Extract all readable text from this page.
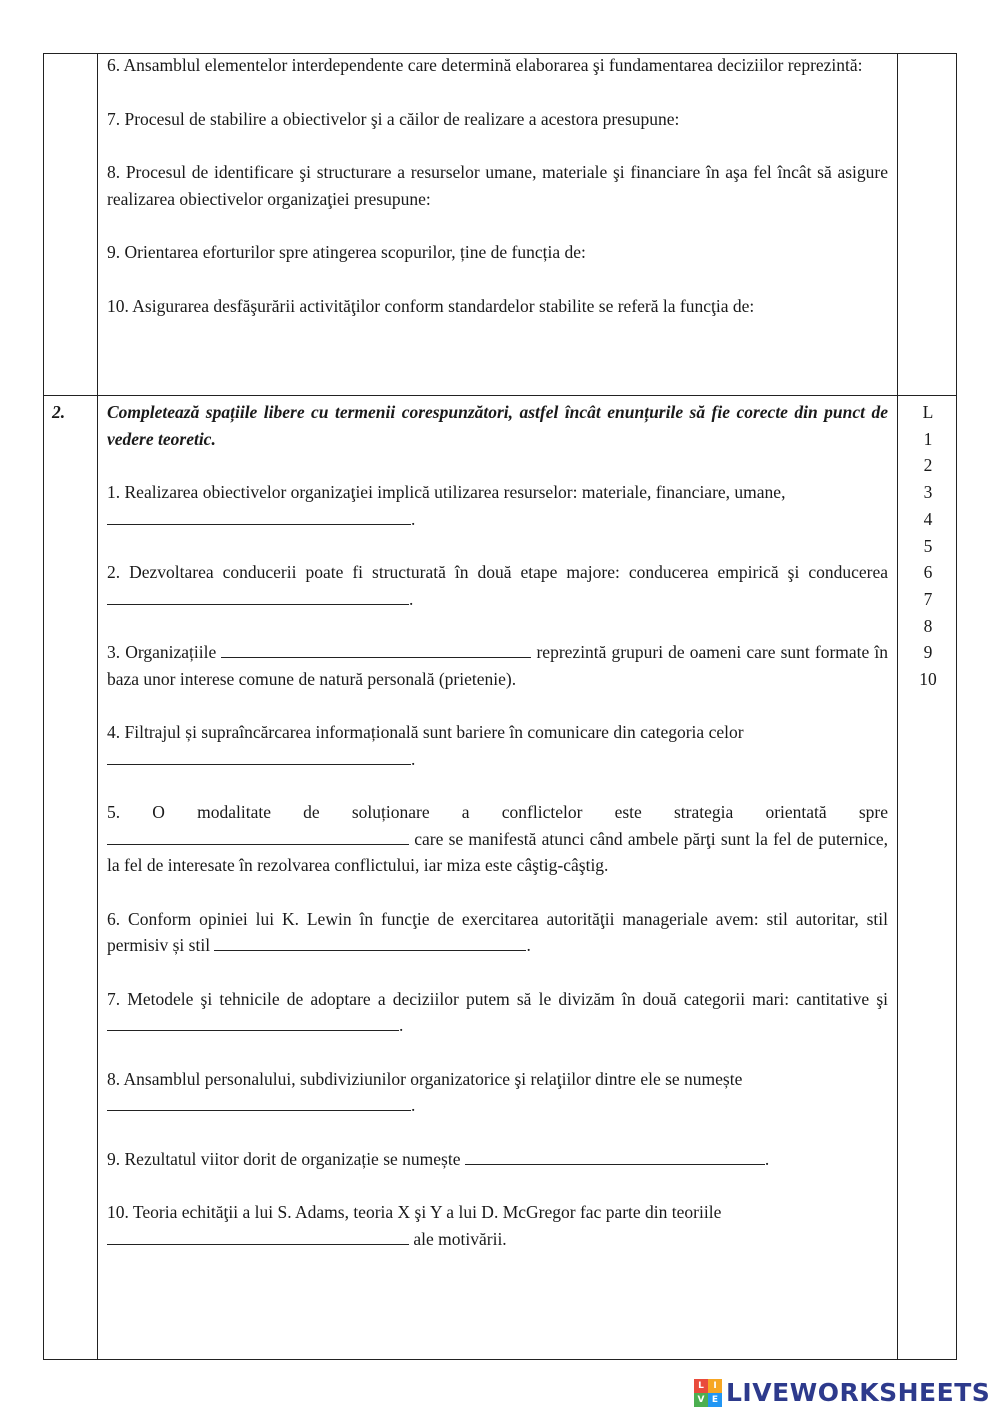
6. Ansamblul elementelor interdependente care determină elaborarea şi fundamentarea deciziilor reprezintă:

7. Procesul de stabilire a obiectivelor şi a căilor de realizare a acestora presupune:

8. Procesul de identificare şi structurare a resurselor umane, materiale şi financiare în aşa fel încât să asigure realizarea obiectivelor organizaţiei presupune:

9. Orientarea eforturilor spre atingerea scopurilor, ține de funcția de:

10. Asigurarea desfăşurării activităţilor conform standardelor stabilite se referă la funcţia de:

2. Completează spațiile libere cu termenii corespunzători, astfel încât enunțurile să fie corecte din punct de vedere teoretic.

1. Realizarea obiectivelor organizaţiei implică utilizarea resurselor: materiale, financiare, umane,
.

2. Dezvoltarea conducerii poate fi structurată în două etape majore: conducerea empirică şi conducerea .

3. Organizațiile	reprezintă grupuri de oameni care sunt formate în baza unor interese comune de natură personală (prietenie).

4. Filtrajul și supraîncărcarea informațională sunt bariere în comunicare din categoria celor
.

5. O modalitate de soluționare a conflictelor este strategia orientată spre  care se manifestă atunci când ambele părţi sunt la fel de puternice, la fel de interesate în rezolvarea conflictului, iar miza este câştig-câştig.

6. Conform opiniei lui K. Lewin în funcţie de exercitarea autorităţii manageriale avem: stil autoritar, stil permisiv și stil	.

7. Metodele şi tehnicile de adoptare a deciziilor putem să le divizăm în două categorii mari: cantitative şi .

8. Ansamblul personalului, subdiviziunilor organizatorice şi relaţiilor dintre ele se numește
.

9. Rezultatul viitor dorit de organizație se numește	.

10. Teoria echităţii a lui S. Adams, teoria X şi Y a lui D. McGregor fac parte din teoriile
ale motivării.

L
1
2
3
4
5
6
7
8
9
10
L	I
V E LIVEWORKSHEETS
